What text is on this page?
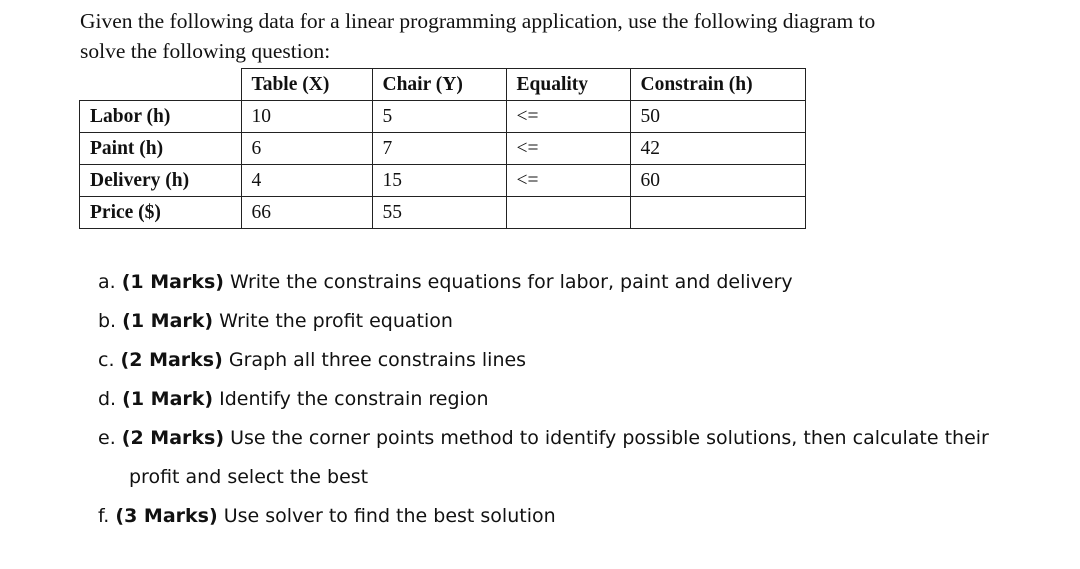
Given the following data for a linear programming application, use the following diagram to

solve the following question:

	Table (X)	Chair (Y)	Equality	Constrain (h)
Labor (h)	10	5	<=	50
Paint (h)	6	7	<=	42
Delivery (h)	4	15	<=	60
Price ($)	66	55		
a. (1 Marks) Write the constrains equations for labor, paint and delivery
b. (1 Mark) Write the profit equation
c. (2 Marks) Graph all three constrains lines
d. (1 Mark) Identify the constrain region
e. (2 Marks) Use the corner points method to identify possible solutions, then calculate their
profit and select the best
f. (3 Marks) Use solver to find the best solution
